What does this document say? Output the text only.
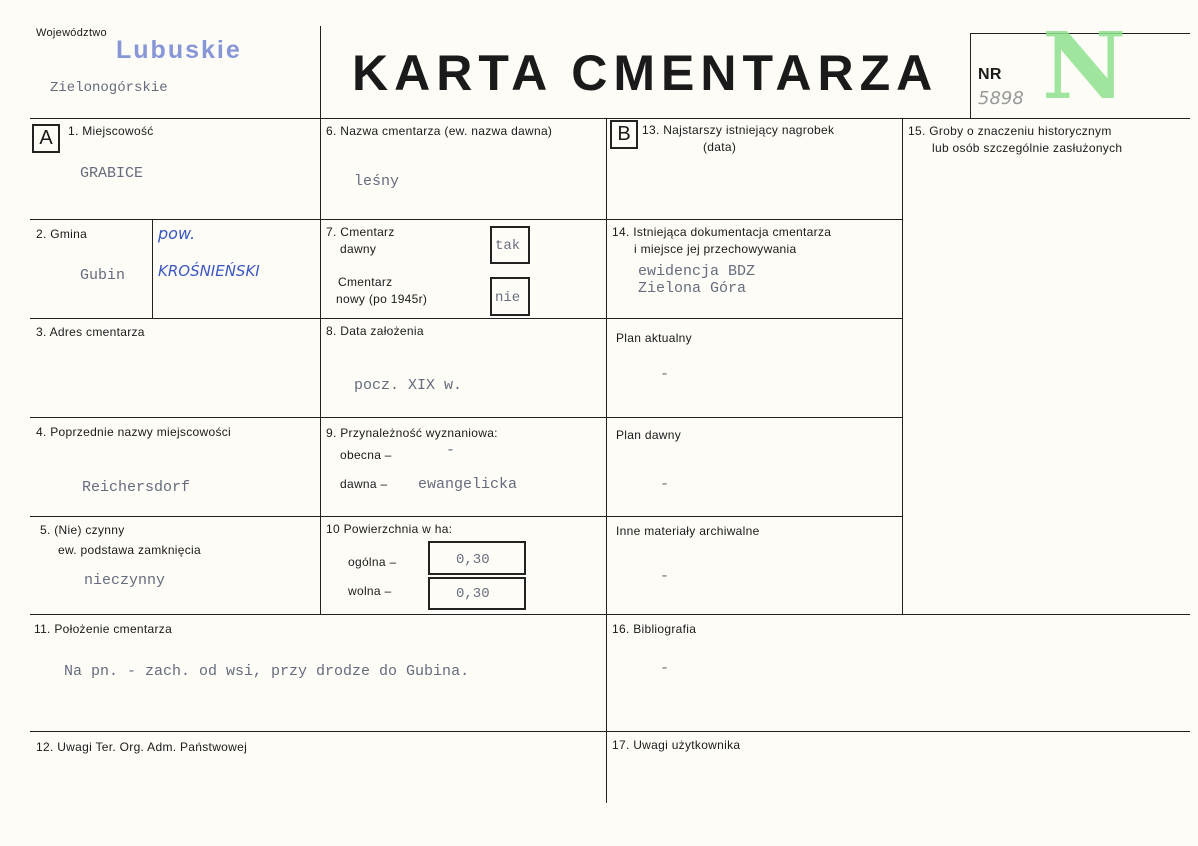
Województwo
Lubuskie
Zielonogórskie	KARTA CMENTARZA NR
5898 N
A	B
1. Miejscowość
GRABICE
2. Gmina
Gubin
pow.
KROŚNIEŃSKI
3. Adres cmentarza
4. Poprzednie nazwy miejscowości
Reichersdorf
5. (Nie) czynny
ew. podstawa zamknięcia
nieczynny
6. Nazwa cmentarza (ew. nazwa dawna)
leśny
7. Cmentarz
dawny	tak
Cmentarz
nowy (po 1945r)	nie
8. Data założenia
pocz. XIX w.
9. Przynależność wyznaniowa:
obecna –	-
dawna – ewangelicka
10 Powierzchnia w ha:
ogólna –	0,30
wolna –	0,30
13. Najstarszy istniejący nagrobek
(data)
14. Istniejąca dokumentacja cmentarza
i miejsce jej przechowywania
ewidencja BDZ
Zielona Góra
Plan aktualny
-
Plan dawny
-
Inne materiały archiwalne
-
15. Groby o znaczeniu historycznym
lub osób szczególnie zasłużonych
11. Położenie cmentarza
Na pn. - zach. od wsi, przy drodze do Gubina.
16. Bibliografia
-
12. Uwagi Ter. Org. Adm. Państwowej	17. Uwagi użytkownika
